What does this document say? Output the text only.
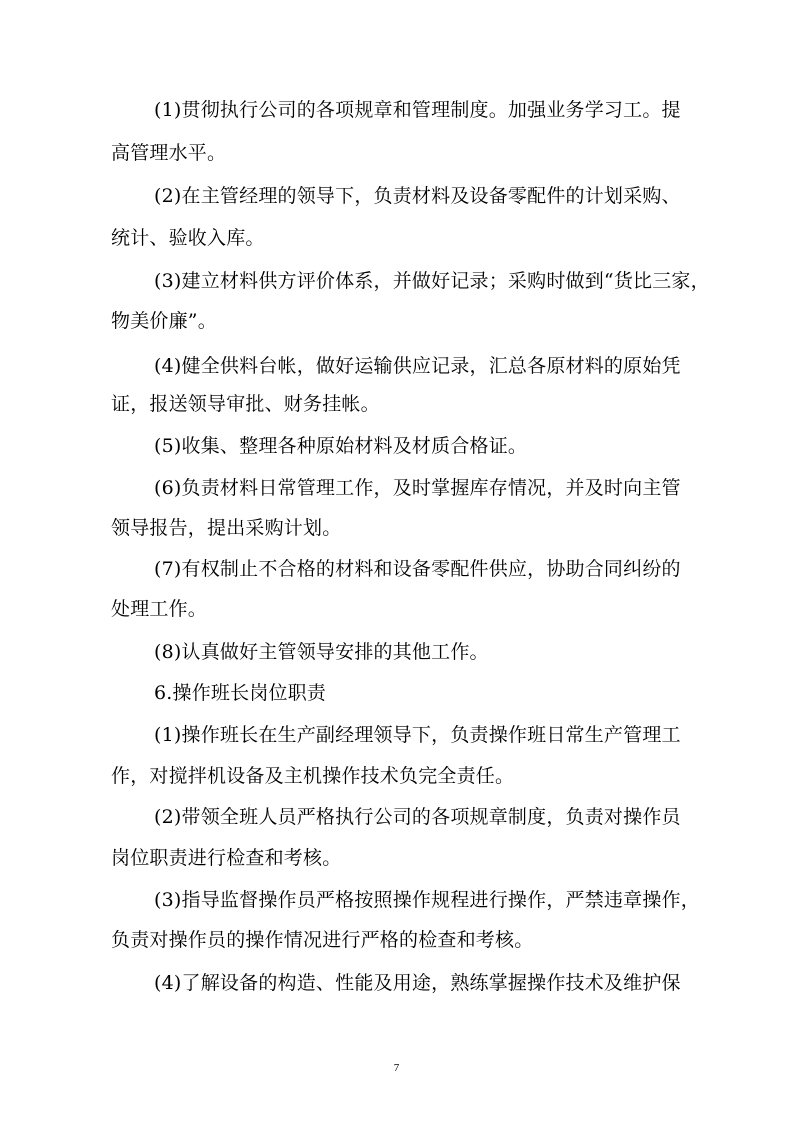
(1)贯彻执行公司的各项规章和管理制度。加强业务学习工。提
高管理水平。
(2)在主管经理的领导下，负责材料及设备零配件的计划采购、
统计、验收入库。
(3)建立材料供方评价体系，并做好记录；采购时做到“货比三家，
物美价廉”。
(4)健全供料台帐，做好运输供应记录，汇总各原材料的原始凭
证，报送领导审批、财务挂帐。
(5)收集、整理各种原始材料及材质合格证。
(6)负责材料日常管理工作，及时掌握库存情况，并及时向主管
领导报告，提出采购计划。
(7)有权制止不合格的材料和设备零配件供应，协助合同纠纷的
处理工作。
(8)认真做好主管领导安排的其他工作。
6.操作班长岗位职责
(1)操作班长在生产副经理领导下，负责操作班日常生产管理工
作，对搅拌机设备及主机操作技术负完全责任。
(2)带领全班人员严格执行公司的各项规章制度，负责对操作员
岗位职责进行检查和考核。
(3)指导监督操作员严格按照操作规程进行操作，严禁违章操作，
负责对操作员的操作情况进行严格的检查和考核。
(4)了解设备的构造、性能及用途，熟练掌握操作技术及维护保
7
